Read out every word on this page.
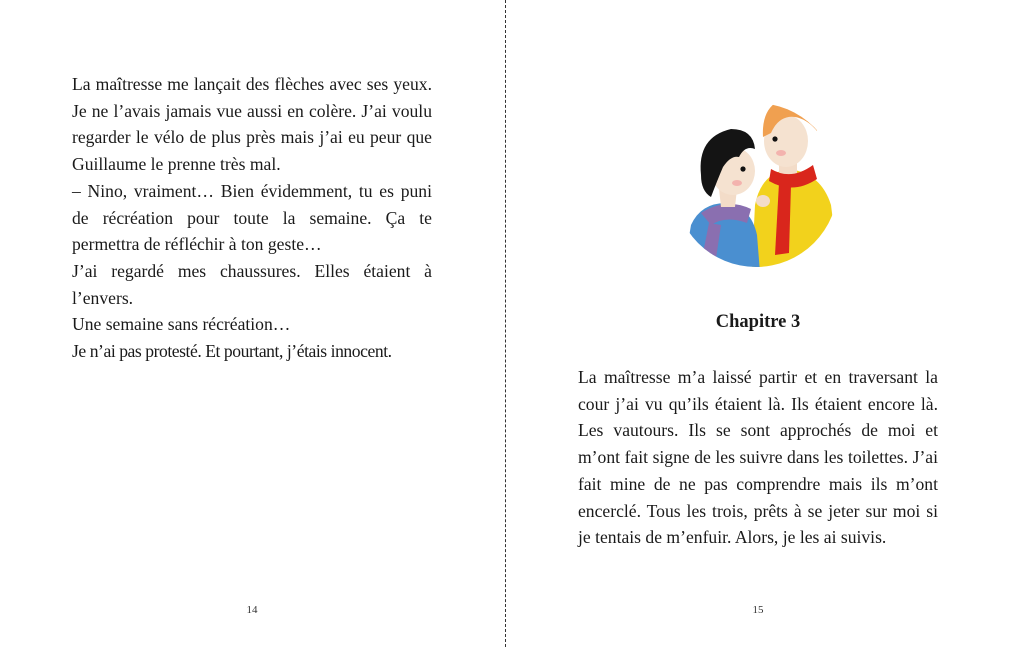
La maîtresse me lançait des flèches avec ses yeux. Je ne l’avais jamais vue aussi en colère. J’ai voulu regarder le vélo de plus près mais j’ai eu peur que Guillaume le prenne très mal.

– Nino, vraiment… Bien évidemment, tu es puni de récréation pour toute la semaine. Ça te permettra de réfléchir à ton geste…

J’ai regardé mes chaussures. Elles étaient à l’envers.

Une semaine sans récréation…

Je n’ai pas protesté. Et pourtant, j’étais innocent.

14
Chapitre 3

La maîtresse m’a laissé partir et en traversant la cour j’ai vu qu’ils étaient là. Ils étaient encore là. Les vautours. Ils se sont approchés de moi et m’ont fait signe de les suivre dans les toilettes. J’ai fait mine de ne pas comprendre mais ils m’ont encerclé. Tous les trois, prêts à se jeter sur moi si je tentais de m’enfuir. Alors, je les ai suivis.

15
